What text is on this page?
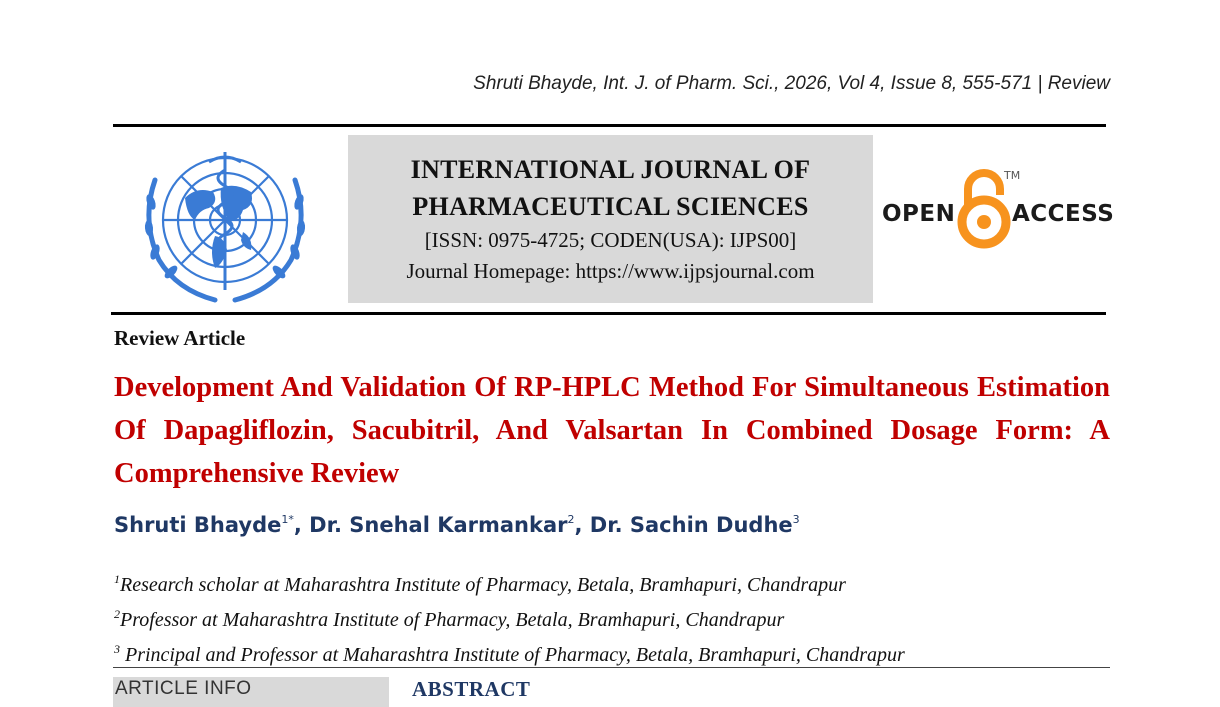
Shruti Bhayde, Int. J. of Pharm. Sci., 2026, Vol 4, Issue 8, 555-571 | Review
INTERNATIONAL JOURNAL OF
PHARMACEUTICAL SCIENCES
[ISSN: 0975-4725; CODEN(USA): IJPS00]
Journal Homepage: https://www.ijpsjournal.com
OPEN
TM
ACCESS
Review Article
Development And Validation Of RP-HPLC Method For Simultaneous Estimation Of Dapagliflozin, Sacubitril, And Valsartan In Combined Dosage Form: A Comprehensive Review
Shruti Bhayde$^{1*}$, Dr. Snehal Karmankar$^2$, Dr. Sachin Dudhe$^3$
$^1$Research scholar at Maharashtra Institute of Pharmacy, Betala, Bramhapuri, Chandrapur
$^2$Professor at Maharashtra Institute of Pharmacy, Betala, Bramhapuri, Chandrapur
$^3$ Principal and Professor at Maharashtra Institute of Pharmacy, Betala, Bramhapuri, Chandrapur
ARTICLE INFO	ABSTRACT
